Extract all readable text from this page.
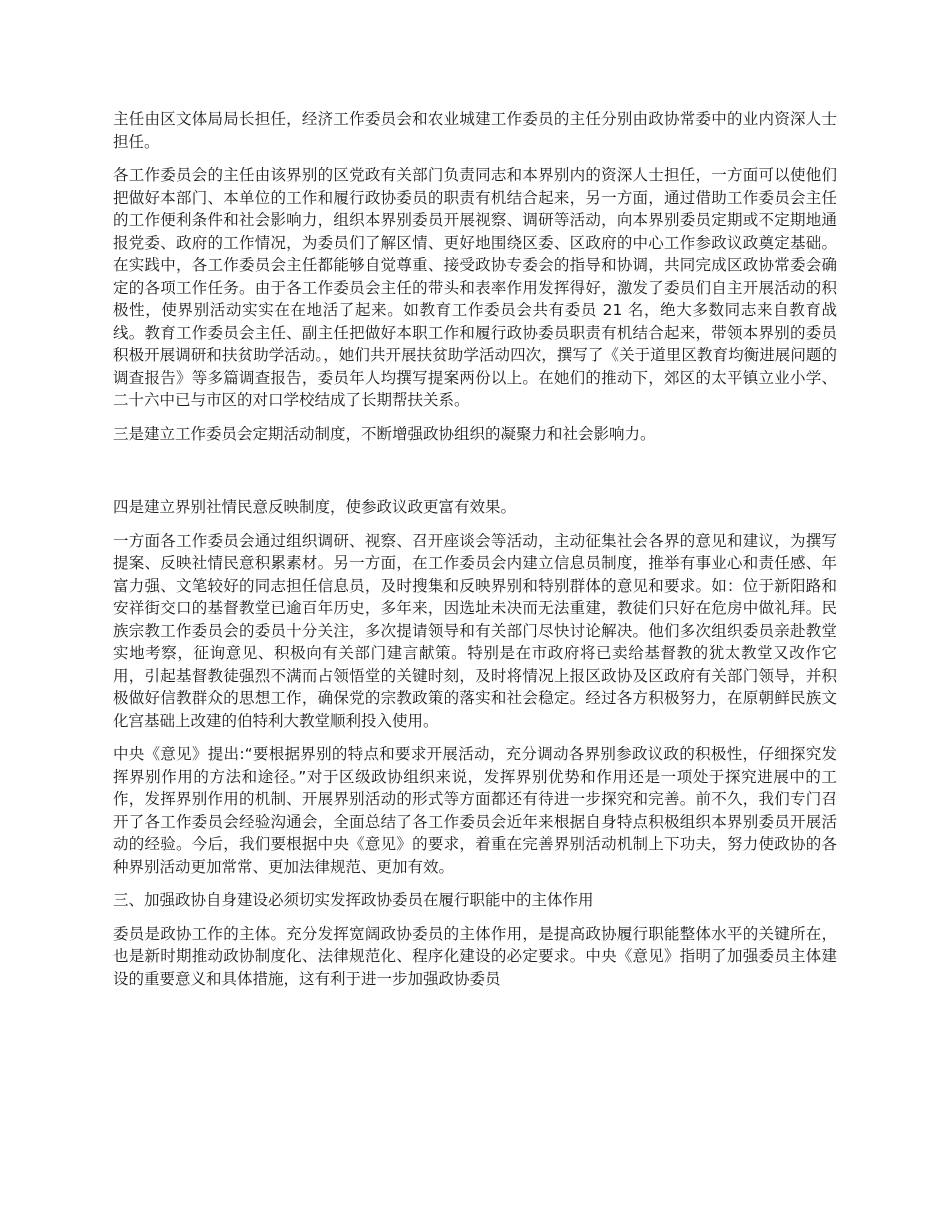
主任由区文体局局长担任，经济工作委员会和农业城建工作委员的主任分别由政协常委中的业内资深人士担任。

各工作委员会的主任由该界别的区党政有关部门负责同志和本界别内的资深人士担任，一方面可以使他们把做好本部门、本单位的工作和履行政协委员的职责有机结合起来，另一方面，通过借助工作委员会主任的工作便利条件和社会影响力，组织本界别委员开展视察、调研等活动，向本界别委员定期或不定期地通报党委、政府的工作情况，为委员们了解区情、更好地围绕区委、区政府的中心工作参政议政奠定基础。在实践中，各工作委员会主任都能够自觉尊重、接受政协专委会的指导和协调，共同完成区政协常委会确定的各项工作任务。由于各工作委员会主任的带头和表率作用发挥得好，激发了委员们自主开展活动的积极性，使界别活动实实在在地活了起来。如教育工作委员会共有委员 21 名，绝大多数同志来自教育战线。教育工作委员会主任、副主任把做好本职工作和履行政协委员职责有机结合起来，带领本界别的委员积极开展调研和扶贫助学活动。，她们共开展扶贫助学活动四次，撰写了《关于道里区教育均衡进展问题的调查报告》等多篇调查报告，委员年人均撰写提案两份以上。在她们的推动下，郊区的太平镇立业小学、二十六中已与市区的对口学校结成了长期帮扶关系。

三是建立工作委员会定期活动制度，不断增强政协组织的凝聚力和社会影响力。

四是建立界别社情民意反映制度，使参政议政更富有效果。

一方面各工作委员会通过组织调研、视察、召开座谈会等活动，主动征集社会各界的意见和建议，为撰写提案、反映社情民意积累素材。另一方面，在工作委员会内建立信息员制度，推举有事业心和责任感、年富力强、文笔较好的同志担任信息员，及时搜集和反映界别和特别群体的意见和要求。如：位于新阳路和安祥街交口的基督教堂已逾百年历史，多年来，因选址未决而无法重建，教徒们只好在危房中做礼拜。民族宗教工作委员会的委员十分关注，多次提请领导和有关部门尽快讨论解决。他们多次组织委员亲赴教堂实地考察，征询意见、积极向有关部门建言献策。特别是在市政府将已卖给基督教的犹太教堂又改作它用，引起基督教徒强烈不满而占领悟堂的关键时刻，及时将情况上报区政协及区政府有关部门领导，并积极做好信教群众的思想工作，确保党的宗教政策的落实和社会稳定。经过各方积极努力，在原朝鲜民族文化宫基础上改建的伯特利大教堂顺利投入使用。

中央《意见》提出:“要根据界别的特点和要求开展活动，充分调动各界别参政议政的积极性，仔细探究发挥界别作用的方法和途径。”对于区级政协组织来说，发挥界别优势和作用还是一项处于探究进展中的工作，发挥界别作用的机制、开展界别活动的形式等方面都还有待进一步探究和完善。前不久，我们专门召开了各工作委员会经验沟通会，全面总结了各工作委员会近年来根据自身特点积极组织本界别委员开展活动的经验。今后，我们要根据中央《意见》的要求，着重在完善界别活动机制上下功夫，努力使政协的各种界别活动更加常常、更加法律规范、更加有效。

三、加强政协自身建设必须切实发挥政协委员在履行职能中的主体作用

委员是政协工作的主体。充分发挥宽阔政协委员的主体作用，是提高政协履行职能整体水平的关键所在，也是新时期推动政协制度化、法律规范化、程序化建设的必定要求。中央《意见》指明了加强委员主体建设的重要意义和具体措施，这有利于进一步加强政协委员
